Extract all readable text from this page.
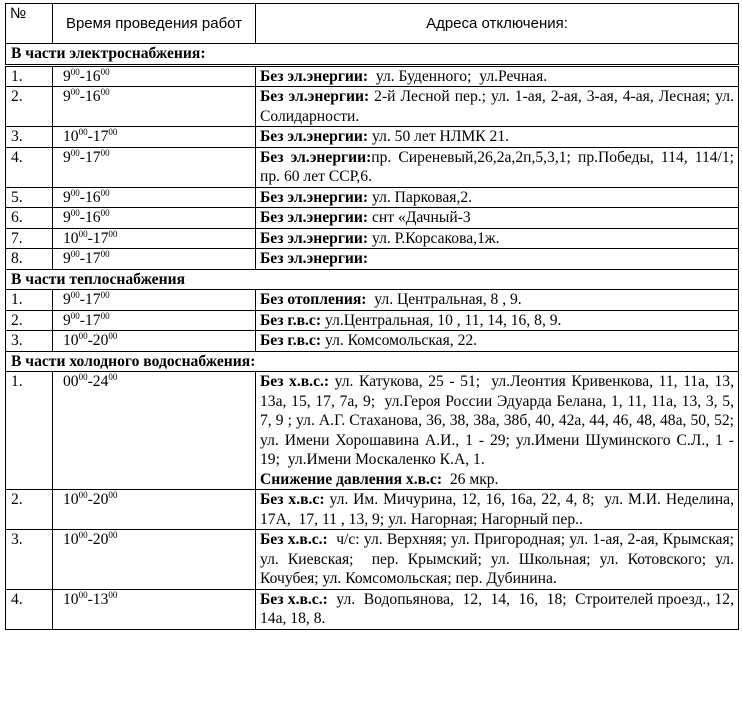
№	Время проведения работ	Адреса отключения:
В части электроснабжения:		
1.	$9^{00}-16^{00}$	Без эл.энергии:  ул. Буденного;  ул.Речная.
2.	$9^{00}-16^{00}$	Без эл.энергии: 2-й Лесной пер.; ул. 1-ая, 2-ая, 3-ая, 4-ая, Лесная; ул. Солидарности.
3.	$10^{00}-17^{00}$	Без эл.энергии: ул. 50 лет НЛМК 21.
4.	$9^{00}-17^{00}$	Без эл.энергии:пр. Сиреневый,26,2а,2п,5,3,1; пр.Победы, 114, 114/1; пр. 60 лет ССР,6.
5.	$9^{00}-16^{00}$	Без эл.энергии: ул. Парковая,2.
6.	$9^{00}-16^{00}$	Без эл.энергии: снт «Дачный-3
7.	$10^{00}-17^{00}$	Без эл.энергии: ул. Р.Корсакова,1ж.
8.	$9^{00}-17^{00}$	Без эл.энергии:
В части теплоснабжения		
1.	$9^{00}-17^{00}$	Без отопления:  ул. Центральная, 8 , 9.
2.	$9^{00}-17^{00}$	Без г.в.с: ул.Центральная, 10 , 11, 14, 16, 8, 9.
3.	$10^{00}-20^{00}$	Без г.в.с: ул. Комсомольская, 22.
В части холодного водоснабжения:		
1.	$00^{00}-24^{00}$	Без х.в.с.: ул. Катукова, 25 - 51;  ул.Леонтия Кривенкова, 11, 11а, 13, 13а, 15, 17, 7а, 9;  ул.Героя России Эдуарда Белана, 1, 11, 11а, 13, 3, 5, 7, 9 ; ул. А.Г. Стаханова, 36, 38, 38а, 38б, 40, 42а, 44, 46, 48, 48а, 50, 52;  ул. Имени Хорошавина А.И., 1 - 29; ул.Имени Шуминского С.Л., 1 - 19;  ул.Имени Москаленко К.А, 1.
Снижение давления х.в.с:  26 мкр.
2.	$10^{00}-20^{00}$	Без х.в.с: ул. Им. Мичурина, 12, 16, 16а, 22, 4, 8;  ул. М.И. Неделина, 17А,  17, 11 , 13, 9; ул. Нагорная; Нагорный пер..
3.	$10^{00}-20^{00}$	Без х.в.с.:  ч/с: ул. Верхняя; ул. Пригородная; ул. 1-ая, 2-ая, Крымская;  ул. Киевская;  пер. Крымский; ул. Школьная; ул. Котовского; ул. Кочубея; ул. Комсомольская; пер. Дубинина.
4.	$10^{00}-13^{00}$	Без х.в.с.:  ул.  Водопьянова,  12,  14,  16,  18;  Строителей проезд., 12, 14а, 18, 8.
